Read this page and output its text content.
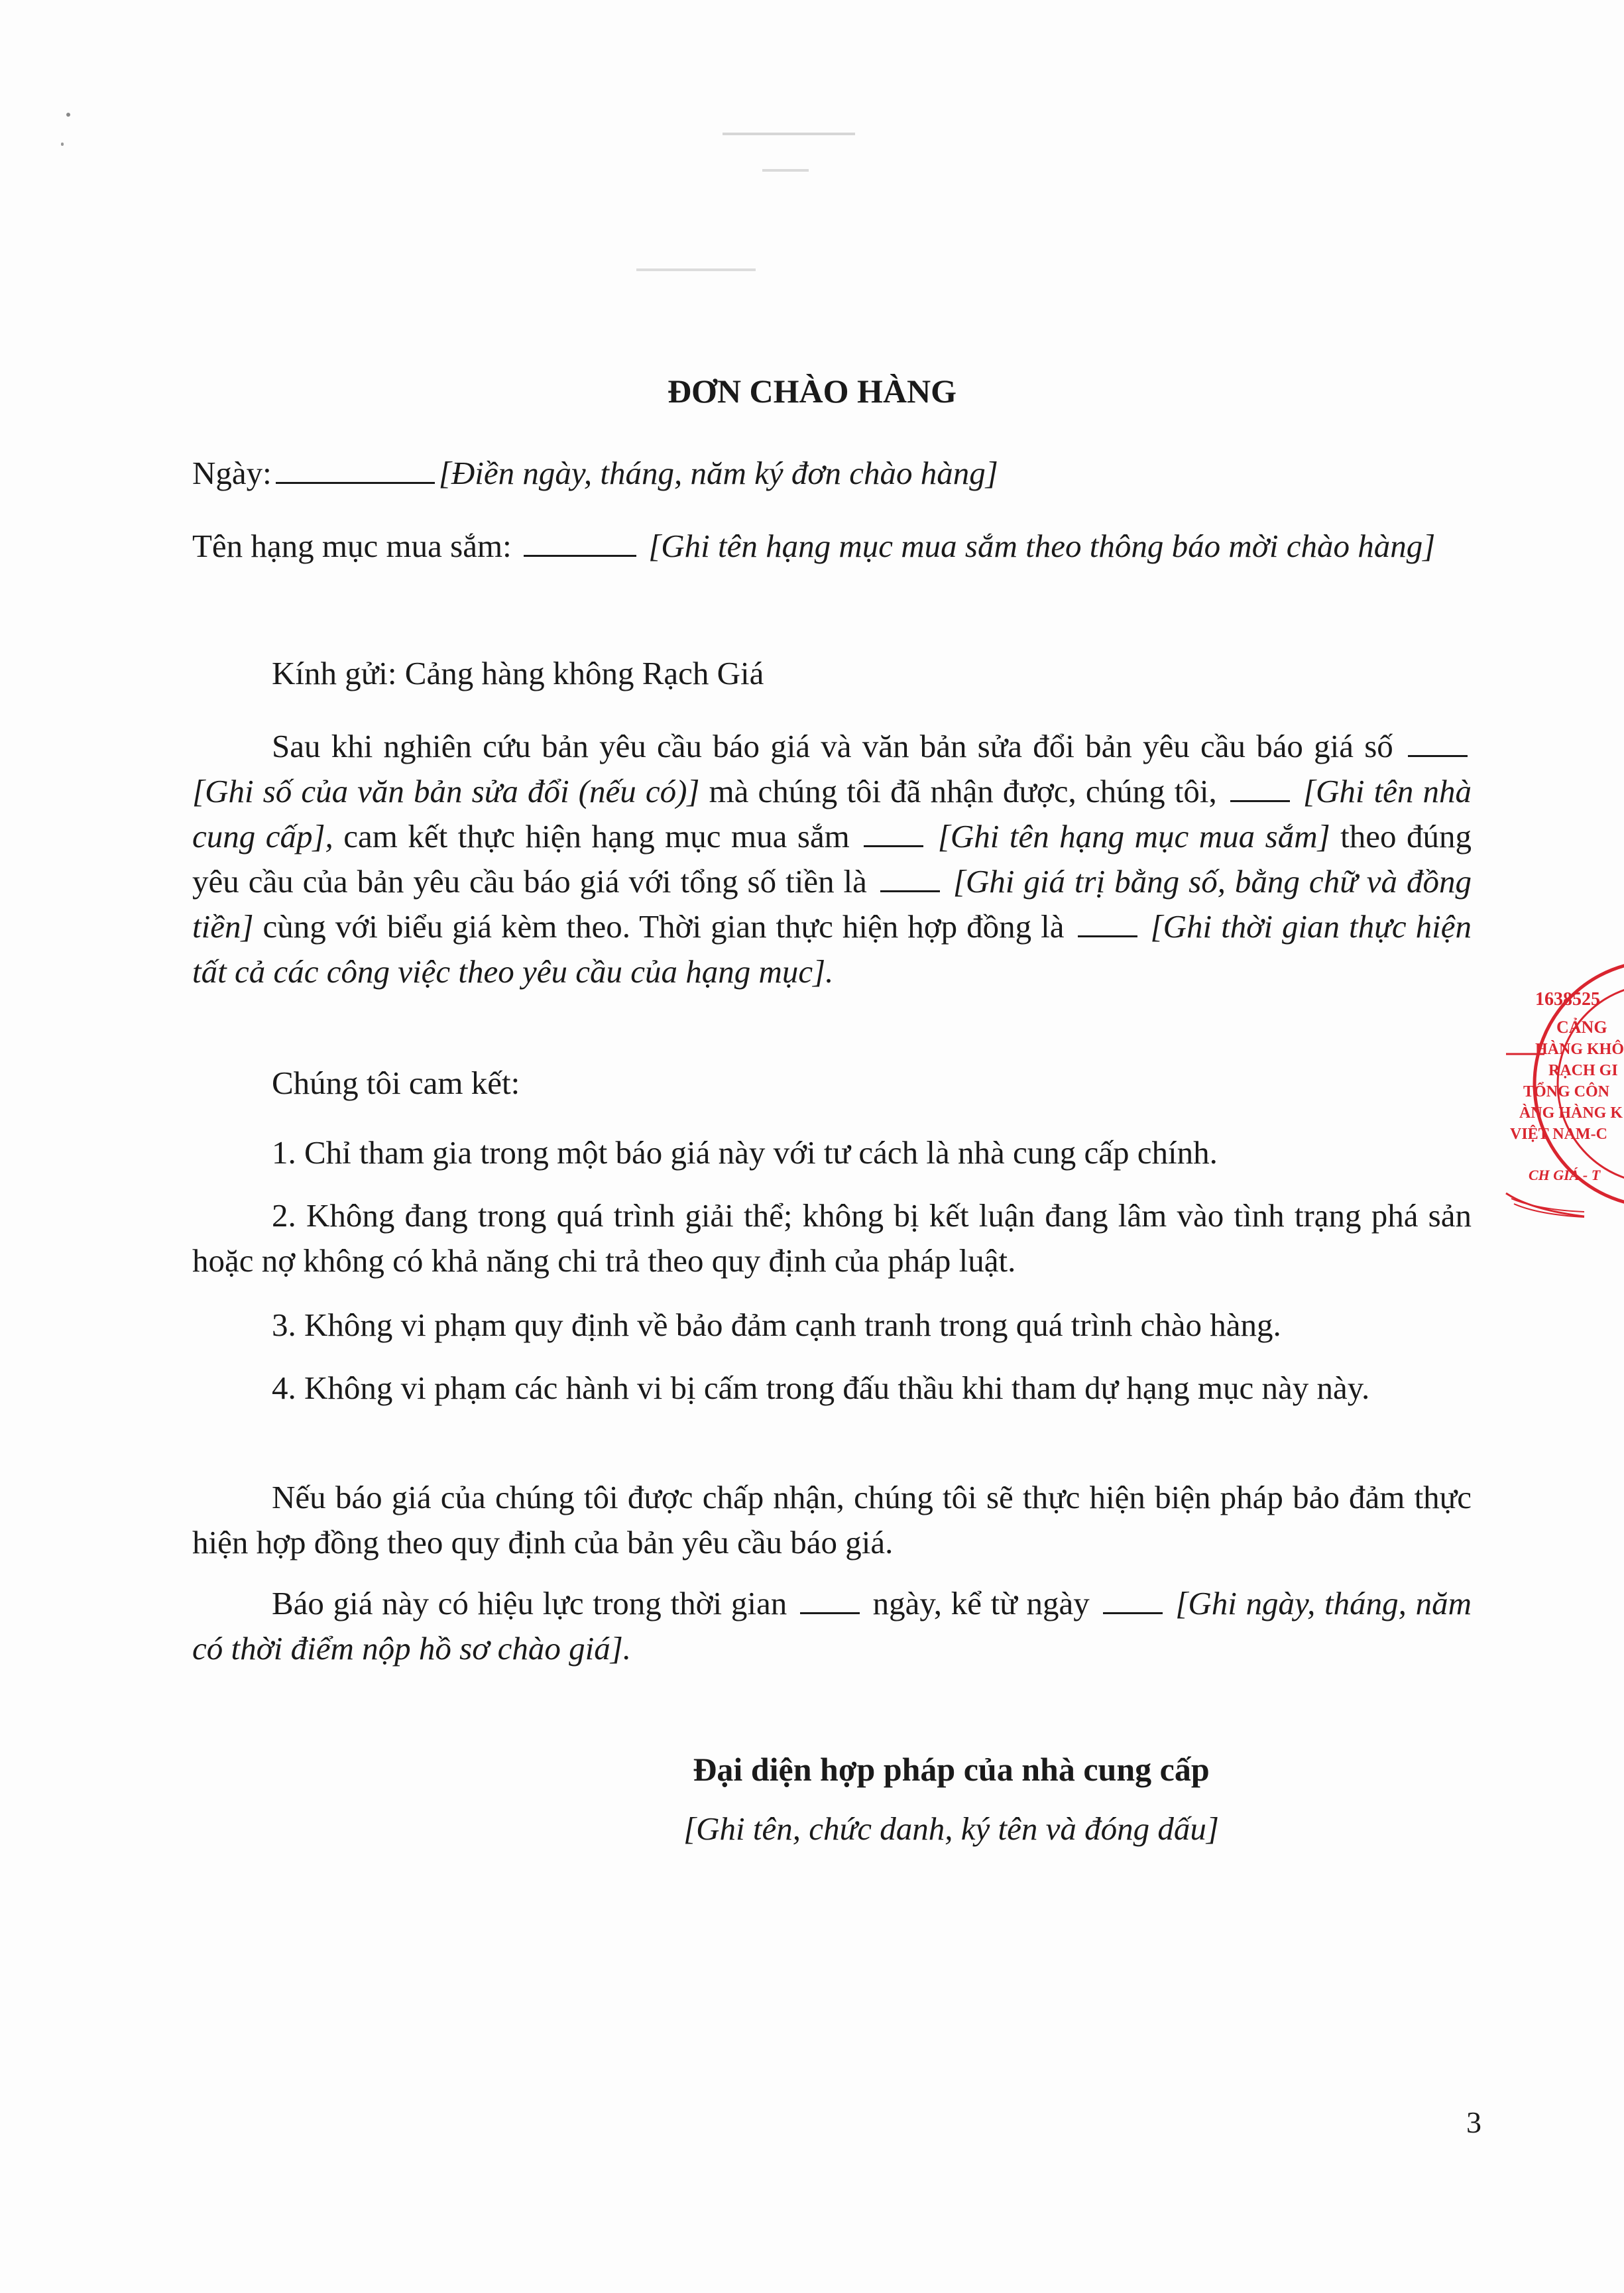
ĐƠN CHÀO HÀNG
Ngày:	[Điền ngày, tháng, năm ký đơn chào hàng]
Tên hạng mục mua sắm:	[Ghi tên hạng mục mua sắm theo thông báo mời chào hàng]
Kính gửi: Cảng hàng không Rạch Giá
Sau khi nghiên cứu bản yêu cầu báo giá và văn bản sửa đổi bản yêu cầu báo giá số  [Ghi số của văn bản sửa đổi (nếu có)] mà chúng tôi đã nhận được, chúng tôi,	[Ghi tên nhà cung cấp], cam kết thực hiện hạng mục mua sắm	[Ghi tên hạng mục mua sắm] theo đúng yêu cầu của bản yêu cầu báo giá với tổng số tiền là	[Ghi giá trị bằng số, bằng chữ và đồng tiền] cùng với biểu giá kèm theo. Thời gian thực hiện hợp đồng là	[Ghi thời gian thực hiện tất cả các công việc theo yêu cầu của hạng mục].
Chúng tôi cam kết:
1. Chỉ tham gia trong một báo giá này với tư cách là nhà cung cấp chính.
2. Không đang trong quá trình giải thể; không bị kết luận đang lâm vào tình trạng phá sản hoặc nợ không có khả năng chi trả theo quy định của pháp luật.
3. Không vi phạm quy định về bảo đảm cạnh tranh trong quá trình chào hàng.
4. Không vi phạm các hành vi bị cấm trong đấu thầu khi tham dự hạng mục này này.
Nếu báo giá của chúng tôi được chấp nhận, chúng tôi sẽ thực hiện biện pháp bảo đảm thực hiện hợp đồng theo quy định của bản yêu cầu báo giá.
Báo giá này có hiệu lực trong thời gian	ngày, kể từ ngày	[Ghi ngày, tháng, năm có thời điểm nộp hồ sơ chào giá].
Đại diện hợp pháp của nhà cung cấp
[Ghi tên, chức danh, ký tên và đóng dấu]
3
1638525
CẢNG
HÀNG KHÔ
RẠCH GI
TỔNG CÔN
ÀNG HÀNG K
VIỆT NAM-C
CH GIÁ - T
